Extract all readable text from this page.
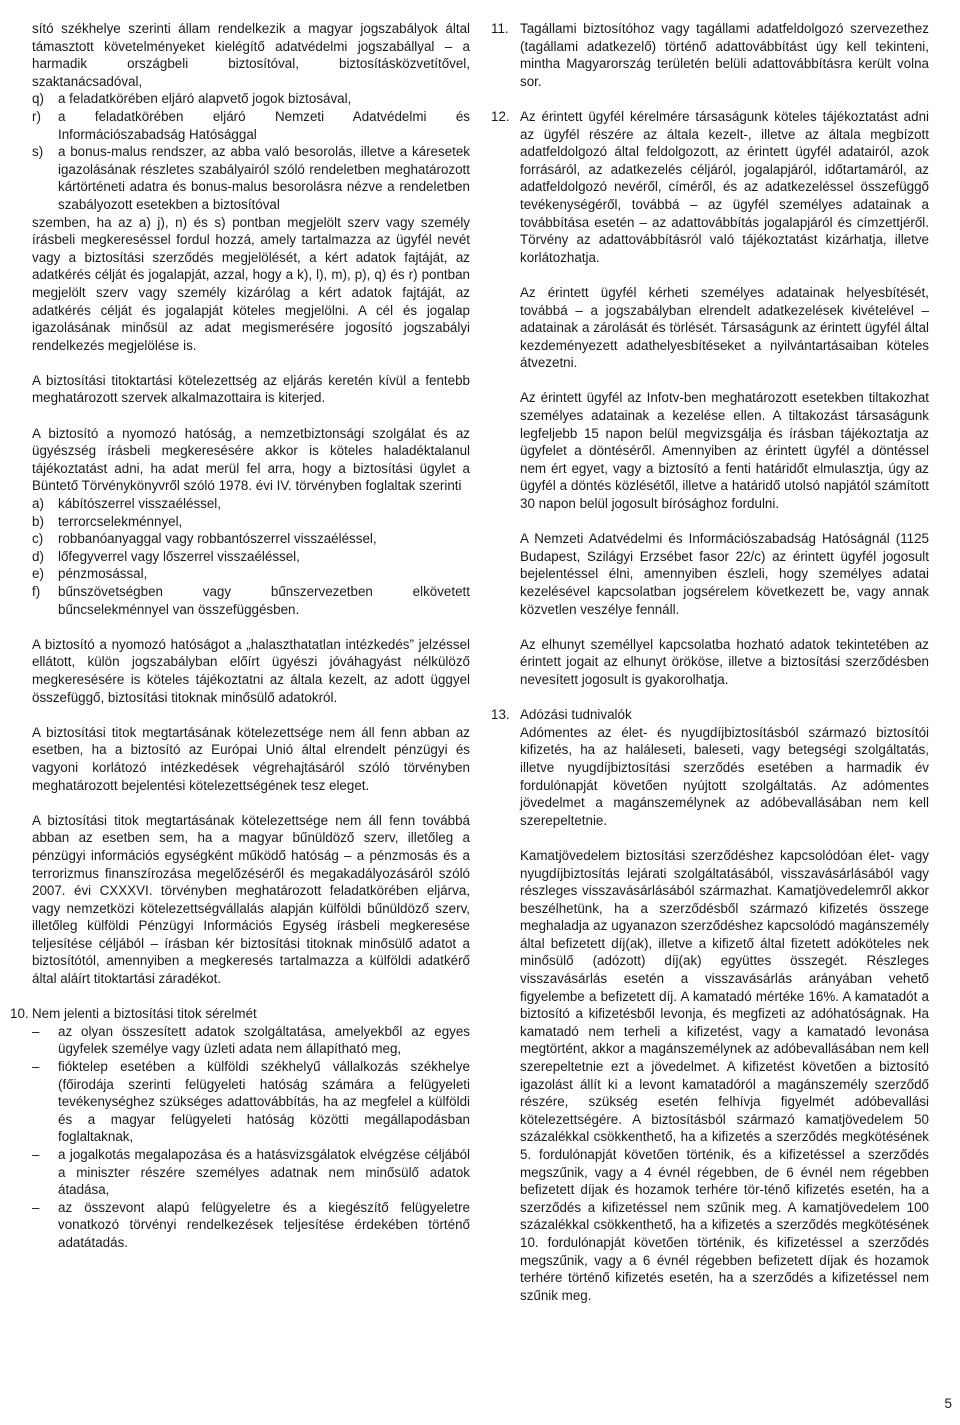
sító székhelye szerinti állam rendelkezik a magyar jogszabályok által támasztott követelményeket kielégítő adatvédelmi jogszabállyal – a harmadik országbeli biztosítóval, biztosításközvetítővel, szaktanácsadóval,

q)	a feladatkörében eljáró alapvető jogok biztosával,
r)	a feladatkörében eljáró Nemzeti Adatvédelmi és Információszabadság Hatósággal
s)	a bonus-malus rendszer, az abba való besorolás, illetve a káresetek igazolásának részletes szabályairól szóló rendeletben meghatározott kártörténeti adatra és bonus-malus besorolásra nézve a rendeletben szabályozott esetekben a biztosítóval

szemben, ha az a) j), n) és s) pontban megjelölt szerv vagy személy írásbeli megkereséssel fordul hozzá, amely tartalmazza az ügyfél nevét vagy a biztosítási szerződés megjelölését, a kért adatok fajtáját, az adatkérés célját és jogalapját, azzal, hogy a k), l), m), p), q) és r) pontban megjelölt szerv vagy személy kizárólag a kért adatok fajtáját, az adatkérés célját és jogalapját köteles megjelölni. A cél és jogalap igazolásának minősül az adat megismerésére jogosító jogszabályi rendelkezés megjelölése is.

A biztosítási titoktartási kötelezettség az eljárás keretén kívül a fentebb meghatározott szervek alkalmazottaira is kiterjed.

A biztosító a nyomozó hatóság, a nemzetbiztonsági szolgálat és az ügyészség írásbeli megkeresésére akkor is köteles haladéktalanul tájékoztatást adni, ha adat merül fel arra, hogy a biztosítási ügylet a Büntető Törvénykönyvről szóló 1978. évi IV. törvényben foglaltak szerinti

a)	kábítószerrel visszaéléssel,
b)	terrorcselekménnyel,
c)	robbanóanyaggal vagy robbantószerrel visszaéléssel,
d)	lőfegyverrel vagy lőszerrel visszaéléssel,
e)	pénzmosással,
f)	bűnszövetségben vagy bűnszervezetben elkövetett bűncselekménnyel van összefüggésben.

A biztosító a nyomozó hatóságot a „halaszthatatlan intézkedés” jelzéssel ellátott, külön jogszabályban előírt ügyészi jóváhagyást nélkülöző megkeresésére is köteles tájékoztatni az általa kezelt, az adott üggyel összefüggő, biztosítási titoknak minősülő adatokról.

A biztosítási titok megtartásának kötelezettsége nem áll fenn abban az esetben, ha a biztosító az Európai Unió által elrendelt pénzügyi és vagyoni korlátozó intézkedések végrehajtásáról szóló törvényben meghatározott bejelentési kötelezettségének tesz eleget.

A biztosítási titok megtartásának kötelezettsége nem áll fenn továbbá abban az esetben sem, ha a magyar bűnüldöző szerv, illetőleg a pénzügyi információs egységként működő hatóság – a pénzmosás és a terrorizmus finanszírozása megelőzéséről és megakadályozásáról szóló 2007. évi CXXXVI. törvényben meghatározott feladatkörében eljárva, vagy nemzetközi kötelezettségvállalás alapján külföldi bűnüldöző szerv, illetőleg külföldi Pénzügyi Információs Egység írásbeli megkeresése teljesítése céljából – írásban kér biztosítási titoknak minősülő adatot a biztosítótól, amennyiben a megkeresés tartalmazza a külföldi adatkérő által aláírt titoktartási záradékot.

10. Nem jelenti a biztosítási titok sérelmét
–	az olyan összesített adatok szolgáltatása, amelyekből az egyes ügyfelek személye vagy üzleti adata nem állapítható meg,
–	fióktelep esetében a külföldi székhelyű vállalkozás székhelye (főirodája szerinti felügyeleti hatóság számára a felügyeleti tevékenységhez szükséges adattovábbítás, ha az megfelel a külföldi és a magyar felügyeleti hatóság közötti megállapodásban foglaltaknak,
–	a jogalkotás megalapozása és a hatásvizsgálatok elvégzése céljából a miniszter részére személyes adatnak nem minősülő adatok átadása,
–	az összevont alapú felügyeletre és a kiegészítő felügyeletre vonatkozó törvényi rendelkezések teljesítése érdekében történő adatátadás.
11. Tagállami biztosítóhoz vagy tagállami adatfeldolgozó szervezethez (tagállami adatkezelő) történő adattovábbítást úgy kell tekinteni, mintha Magyarország területén belüli adattovábbításra került volna sor.
12. Az érintett ügyfél kérelmére társaságunk köteles tájékoztatást adni az ügyfél részére az általa kezelt-, illetve az általa megbízott adatfeldolgozó által feldolgozott, az érintett ügyfél adatairól, azok forrásáról, az adatkezelés céljáról, jogalapjáról, időtartamáról, az adatfeldolgozó nevéről, címéről, és az adatkezeléssel összefüggő tevékenységéről, továbbá – az ügyfél személyes adatainak a továbbítása esetén – az adattovábbítás jogalapjáról és címzettjéről. Törvény az adattovábbításról való tájékoztatást kizárhatja, illetve korlátozhatja.

Az érintett ügyfél kérheti személyes adatainak helyesbítését, továbbá – a jogszabályban elrendelt adatkezelések kivételével – adatainak a zárolását és törlését. Társaságunk az érintett ügyfél által kezdeményezett adathelyesbítéseket a nyilvántartásaiban köteles átvezetni.

Az érintett ügyfél az Infotv-ben meghatározott esetekben tiltakozhat személyes adatainak a kezelése ellen. A tiltakozást társaságunk legfeljebb 15 napon belül megvizsgálja és írásban tájékoztatja az ügyfelet a döntéséről. Amennyiben az érintett ügyfél a döntéssel nem ért egyet, vagy a biztosító a fenti határidőt elmulasztja, úgy az ügyfél a döntés közlésétől, illetve a határidő utolsó napjától számított 30 napon belül jogosult bírósághoz fordulni.

A Nemzeti Adatvédelmi és Információszabadság Hatóságnál (1125 Budapest, Szilágyi Erzsébet fasor 22/c) az érintett ügyfél jogosult bejelentéssel élni, amennyiben észleli, hogy személyes adatai kezelésével kapcsolatban jogsérelem következett be, vagy annak közvetlen veszélye fennáll.

Az elhunyt személlyel kapcsolatba hozható adatok tekintetében az érintett jogait az elhunyt örököse, illetve a biztosítási szerződésben nevesített jogosult is gyakorolhatja.

13. Adózási tudnivalók

Adómentes az élet- és nyugdíjbiztosításból származó biztosítói kifizetés, ha az haláleseti, baleseti, vagy betegségi szolgáltatás, illetve nyugdíjbiztosítási szerződés esetében a harmadik év fordulónapját követően nyújtott szolgáltatás. Az adómentes jövedelmet a magánszemélynek az adóbevallásában nem kell szerepeltetnie.

Kamatjövedelem biztosítási szerződéshez kapcsolódóan élet- vagy nyugdíjbiztosítás lejárati szolgáltatásából, visszavásárlásából vagy részleges visszavásárlásából származhat. Kamatjövedelemről akkor beszélhetünk, ha a szerződésből származó kifizetés összege meghaladja az ugyanazon szerződéshez kapcsolódó magánszemély által befizetett díj(ak), illetve a kifizető által fizetett adóköteles nek minősülő (adózott) díj(ak) együttes összegét. Részleges visszavásárlás esetén a visszavásárlás arányában vehető figyelembe a befizetett díj. A kamatadó mértéke 16%. A kamatadót a biztosító a kifizetésből levonja, és megfizeti az adóhatóságnak. Ha kamatadó nem terheli a kifizetést, vagy a kamatadó levonása megtörtént, akkor a magánszemélynek az adóbevallásában nem kell szerepeltetnie ezt a jövedelmet. A kifizetést követően a biztosító igazolást állít ki a levont kamatadóról a magánszemély szerződő részére, szükség esetén felhívja figyelmét adóbevallási kötelezettségére. A biztosításból származó kamatjövedelem 50 százalékkal csökkenthető, ha a kifizetés a szerződés megkötésének 5. fordulónapját követően történik, és a kifizetéssel a szerződés megszűnik, vagy a 4 évnél régebben, de 6 évnél nem régebben befizetett díjak és hozamok terhére tör-ténő kifizetés esetén, ha a szerződés a kifizetéssel nem szűnik meg. A kamatjövedelem 100 százalékkal csökkenthető, ha a kifizetés a szerződés megkötésének 10. fordulónapját követően történik, és kifizetéssel a szerződés megszűnik, vagy a 6 évnél régebben befizetett díjak és hozamok terhére történő kifizetés esetén, ha a szerződés a kifizetéssel nem szűnik meg.

5
